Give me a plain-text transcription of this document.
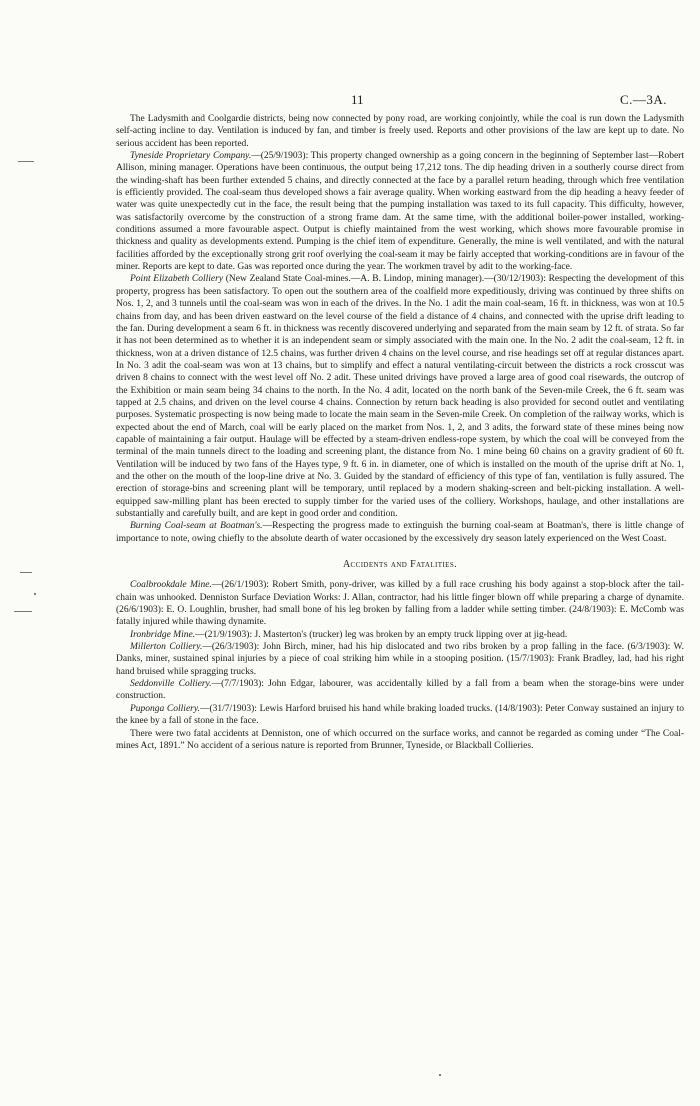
11	C.—3A.

The Ladysmith and Coolgardie districts, being now connected by pony road, are working conjointly, while the coal is run down the Ladysmith self-acting incline to day. Ventilation is induced by fan, and timber is freely used. Reports and other provisions of the law are kept up to date. No serious accident has been reported.

Tyneside Proprietary Company.—(25/9/1903): This property changed ownership as a going concern in the beginning of September last—Robert Allison, mining manager. Operations have been continuous, the output being 17,212 tons. The dip heading driven in a southerly course direct from the winding-shaft has been further extended 5 chains, and directly connected at the face by a parallel return heading, through which free ventilation is efficiently provided. The coal-seam thus developed shows a fair average quality. When working eastward from the dip heading a heavy feeder of water was quite unexpectedly cut in the face, the result being that the pumping installation was taxed to its full capacity. This difficulty, however, was satisfactorily overcome by the construction of a strong frame dam. At the same time, with the additional boiler-power installed, working-conditions assumed a more favourable aspect. Output is chiefly maintained from the west working, which shows more favourable promise in thickness and quality as developments extend. Pumping is the chief item of expenditure. Generally, the mine is well ventilated, and with the natural facilities afforded by the exceptionally strong grit roof overlying the coal-seam it may be fairly accepted that working-conditions are in favour of the miner. Reports are kept to date. Gas was reported once during the year. The workmen travel by adit to the working-face.

Point Elizabeth Colliery (New Zealand State Coal-mines.—A. B. Lindop, mining manager).—(30/12/1903): Respecting the development of this property, progress has been satisfactory. To open out the southern area of the coalfield more expeditiously, driving was continued by three shifts on Nos. 1, 2, and 3 tunnels until the coal-seam was won in each of the drives. In the No. 1 adit the main coal-seam, 16 ft. in thickness, was won at 10.5 chains from day, and has been driven eastward on the level course of the field a distance of 4 chains, and connected with the uprise drift leading to the fan. During development a seam 6 ft. in thickness was recently discovered underlying and separated from the main seam by 12 ft. of strata. So far it has not been determined as to whether it is an independent seam or simply associated with the main one. In the No. 2 adit the coal-seam, 12 ft. in thickness, won at a driven distance of 12.5 chains, was further driven 4 chains on the level course, and rise headings set off at regular distances apart. In No. 3 adit the coal-seam was won at 13 chains, but to simplify and effect a natural ventilating-circuit between the districts a rock crosscut was driven 8 chains to connect with the west level off No. 2 adit. These united drivings have proved a large area of good coal risewards, the outcrop of the Exhibition or main seam being 34 chains to the north. In the No. 4 adit, located on the north bank of the Seven-mile Creek, the 6 ft. seam was tapped at 2.5 chains, and driven on the level course 4 chains. Connection by return back heading is also provided for second outlet and ventilating purposes. Systematic prospecting is now being made to locate the main seam in the Seven-mile Creek. On completion of the railway works, which is expected about the end of March, coal will be early placed on the market from Nos. 1, 2, and 3 adits, the forward state of these mines being now capable of maintaining a fair output. Haulage will be effected by a steam-driven endless-rope system, by which the coal will be conveyed from the terminal of the main tunnels direct to the loading and screening plant, the distance from No. 1 mine being 60 chains on a gravity gradient of 60 ft. Ventilation will be induced by two fans of the Hayes type, 9 ft. 6 in. in diameter, one of which is installed on the mouth of the uprise drift at No. 1, and the other on the mouth of the loop-line drive at No. 3. Guided by the standard of efficiency of this type of fan, ventilation is fully assured. The erection of storage-bins and screening plant will be temporary, until replaced by a modern shaking-screen and belt-picking installation. A well-equipped saw-milling plant has been erected to supply timber for the varied uses of the colliery. Workshops, haulage, and other installations are substantially and carefully built, and are kept in good order and condition.

Burning Coal-seam at Boatman's.—Respecting the progress made to extinguish the burning coal-seam at Boatman's, there is little change of importance to note, owing chiefly to the absolute dearth of water occasioned by the excessively dry season lately experienced on the West Coast.

Accidents and Fatalities.

Coalbrookdale Mine.—(26/1/1903): Robert Smith, pony-driver, was killed by a full race crushing his body against a stop-block after the tail-chain was unhooked. Denniston Surface Deviation Works: J. Allan, contractor, had his little finger blown off while preparing a charge of dynamite. (26/6/1903): E. O. Loughlin, brusher, had small bone of his leg broken by falling from a ladder while setting timber. (24/8/1903): E. McComb was fatally injured while thawing dynamite.

Ironbridge Mine.—(21/9/1903): J. Masterton's (trucker) leg was broken by an empty truck lipping over at jig-head.

Millerton Colliery.—(26/3/1903): John Birch, miner, had his hip dislocated and two ribs broken by a prop falling in the face. (6/3/1903): W. Danks, miner, sustained spinal injuries by a piece of coal striking him while in a stooping position. (15/7/1903): Frank Bradley, lad, had his right hand bruised while spragging trucks.

Seddonville Colliery.—(7/7/1903): John Edgar, labourer, was accidentally killed by a fall from a beam when the storage-bins were under construction.

Puponga Colliery.—(31/7/1903): Lewis Harford bruised his hand while braking loaded trucks. (14/8/1903): Peter Conway sustained an injury to the knee by a fall of stone in the face.

There were two fatal accidents at Denniston, one of which occurred on the surface works, and cannot be regarded as coming under “The Coal-mines Act, 1891.” No accident of a serious nature is reported from Brunner, Tyneside, or Blackball Collieries.
